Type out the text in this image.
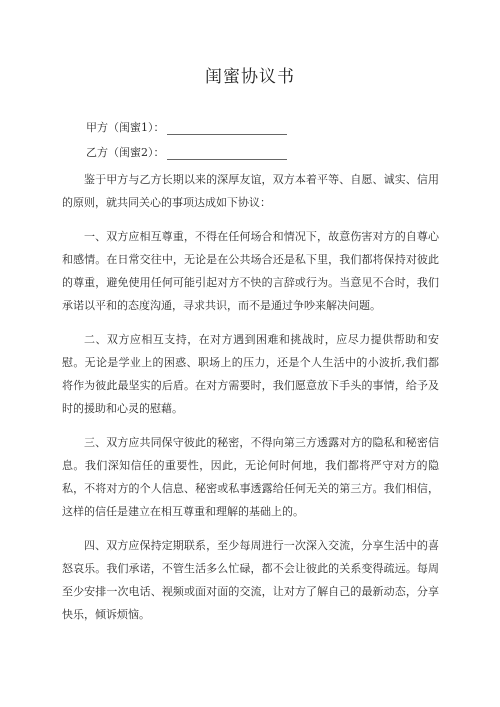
闺蜜协议书
甲方（闺蜜1）：
乙方（闺蜜2）：

鉴于甲方与乙方长期以来的深厚友谊，双方本着平等、自愿、诚实、信用的原则，就共同关心的事项达成如下协议：

一、双方应相互尊重，不得在任何场合和情况下，故意伤害对方的自尊心和感情。在日常交往中，无论是在公共场合还是私下里，我们都将保持对彼此的尊重，避免使用任何可能引起对方不快的言辞或行为。当意见不合时，我们承诺以平和的态度沟通，寻求共识，而不是通过争吵来解决问题。

二、双方应相互支持，在对方遇到困难和挑战时，应尽力提供帮助和安慰。无论是学业上的困惑、职场上的压力，还是个人生活中的小波折,我们都将作为彼此最坚实的后盾。在对方需要时，我们愿意放下手头的事情，给予及时的援助和心灵的慰藉。

三、双方应共同保守彼此的秘密，不得向第三方透露对方的隐私和秘密信息。我们深知信任的重要性，因此，无论何时何地，我们都将严守对方的隐私，不将对方的个人信息、秘密或私事透露给任何无关的第三方。我们相信，这样的信任是建立在相互尊重和理解的基础上的。

四、双方应保持定期联系，至少每周进行一次深入交流，分享生活中的喜怒哀乐。我们承诺，不管生活多么忙碌，都不会让彼此的关系变得疏远。每周至少安排一次电话、视频或面对面的交流，让对方了解自己的最新动态，分享快乐，倾诉烦恼。
